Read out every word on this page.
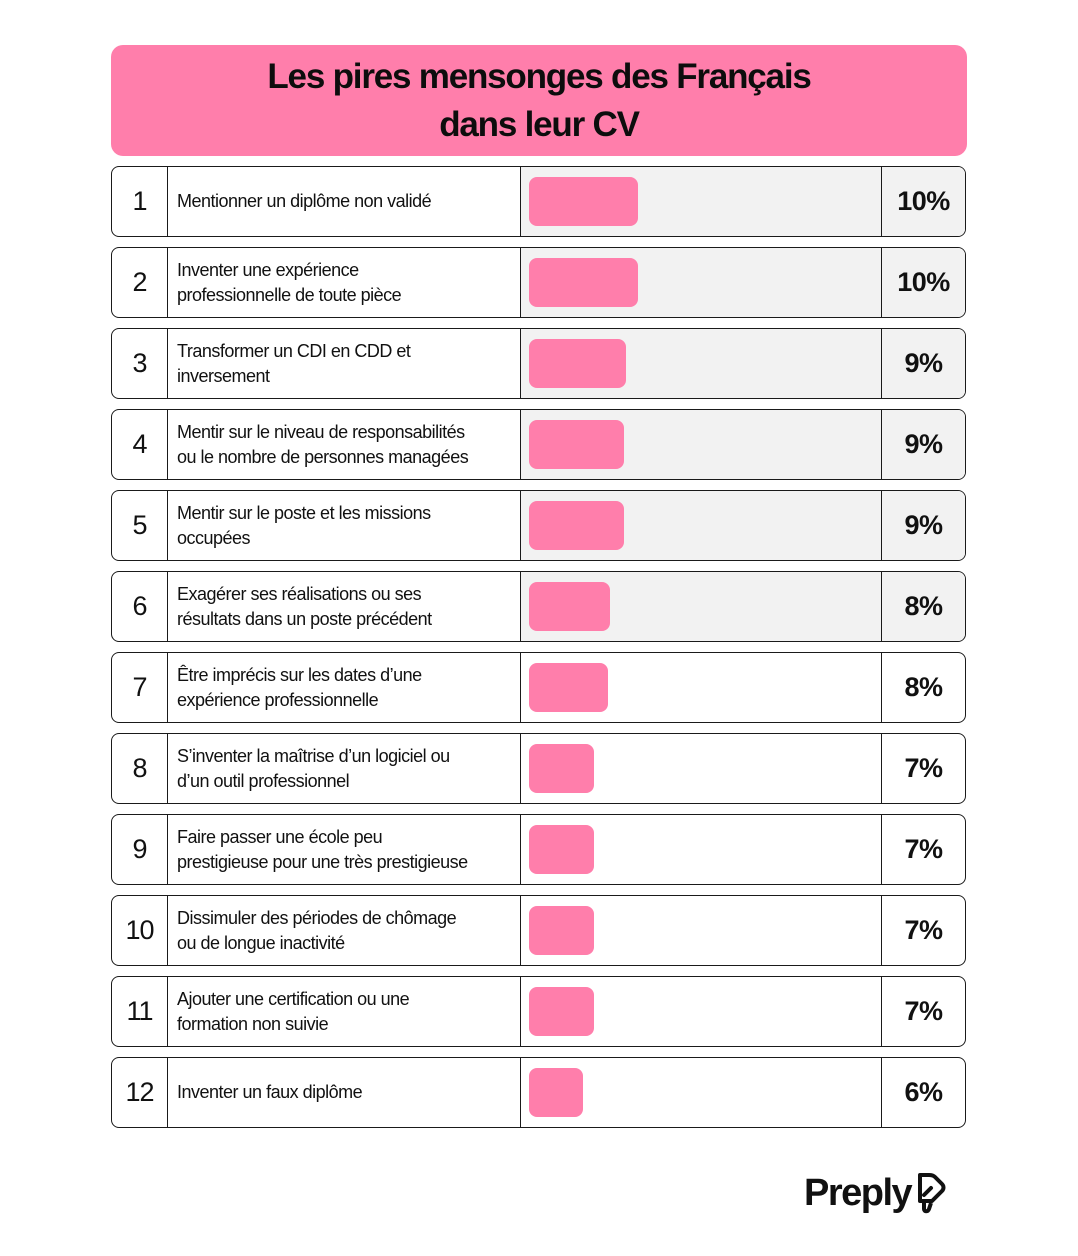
Les pires mensonges des Français
dans leur CV
1	Mentionner un diplôme non validé	10%
2	Inventer une expérience
professionnelle de toute pièce	10%
3	Transformer un CDI en CDD et
inversement	9%
4	Mentir sur le niveau de responsabilités
ou le nombre de personnes managées	9%
5	Mentir sur le poste et les missions
occupées	9%
6	Exagérer ses réalisations ou ses
résultats dans un poste précédent	8%
7	Être imprécis sur les dates d’une
expérience professionnelle	8%
8	S’inventer la maîtrise d’un logiciel ou
d’un outil professionnel	7%
9	Faire passer une école peu
prestigieuse pour une très prestigieuse	7%
10	Dissimuler des périodes de chômage
ou de longue inactivité	7%
11	Ajouter une certification ou une
formation non suivie	7%
12	Inventer un faux diplôme	6%
Preply
